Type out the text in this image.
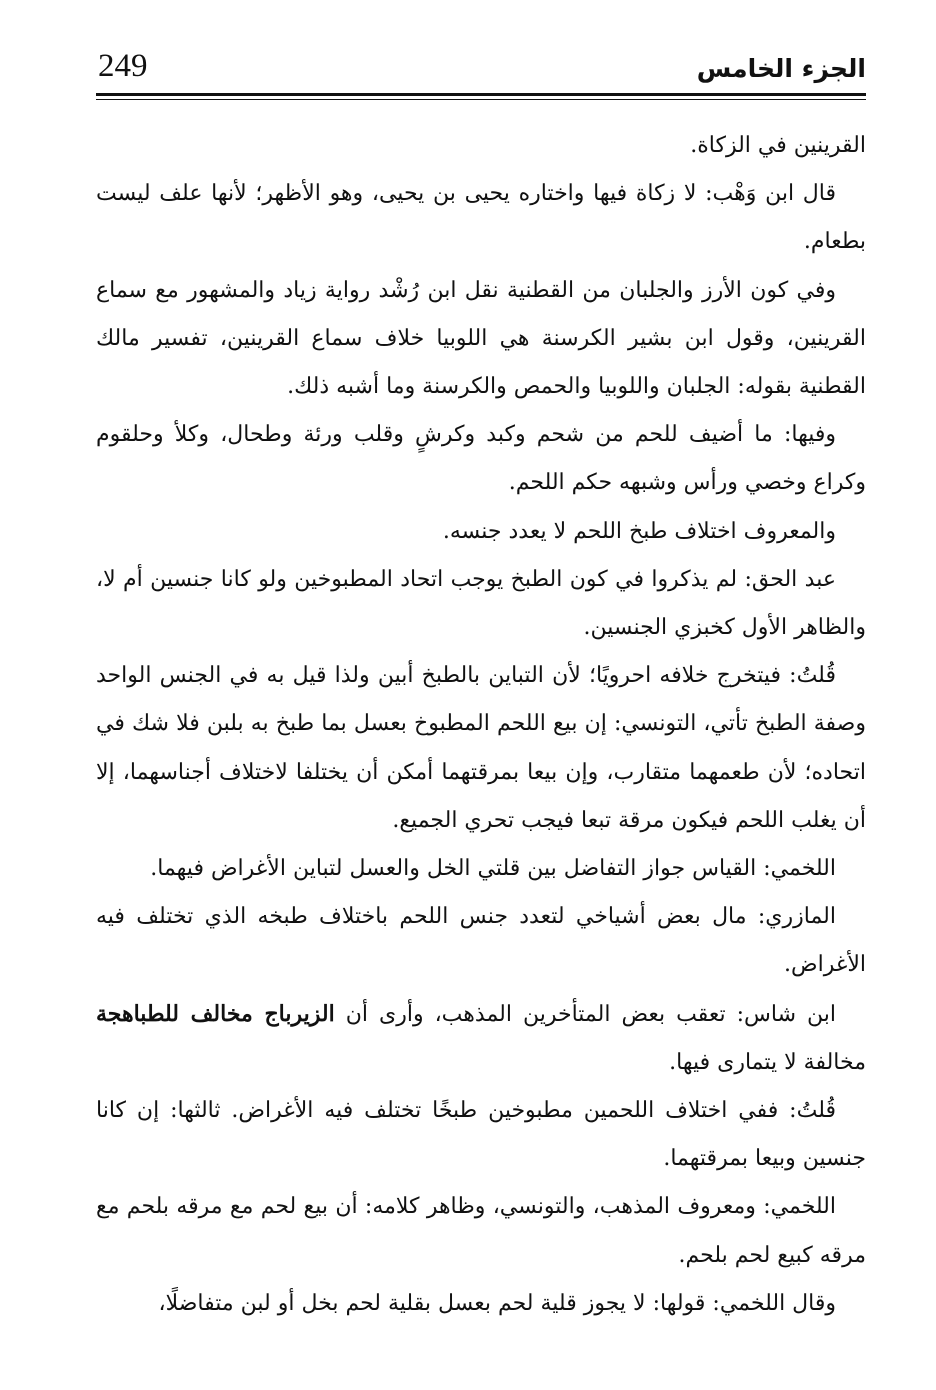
249	الجزء الخامس

القرينين في الزكاة.

قال ابن وَهْب: لا زكاة فيها واختاره يحيى بن يحيى، وهو الأظهر؛ لأنها علف ليست بطعام.

وفي كون الأرز والجلبان من القطنية نقل ابن رُشْد رواية زياد والمشهور مع سماع القرينين، وقول ابن بشير الكرسنة هي اللوبيا خلاف سماع القرينين، تفسير مالك القطنية بقوله: الجلبان واللوبيا والحمص والكرسنة وما أشبه ذلك.

وفيها: ما أضيف للحم من شحم وكبد وكرشٍ وقلب ورئة وطحال، وكلأ وحلقوم وكراع وخصي ورأس وشبهه حكم اللحم.

والمعروف اختلاف طبخ اللحم لا يعدد جنسه.

عبد الحق: لم يذكروا في كون الطبخ يوجب اتحاد المطبوخين ولو كانا جنسين أم لا، والظاهر الأول كخبزي الجنسين.

قُلتُ: فيتخرج خلافه احرويًا؛ لأن التباين بالطبخ أبين ولذا قيل به في الجنس الواحد وصفة الطبخ تأتي، التونسي: إن بيع اللحم المطبوخ بعسل بما طبخ به بلبن فلا شك في اتحاده؛ لأن طعمهما متقارب، وإن بيعا بمرقتهما أمكن أن يختلفا لاختلاف أجناسهما، إلا أن يغلب اللحم فيكون مرقة تبعا فيجب تحري الجميع.

اللخمي: القياس جواز التفاضل بين قلتي الخل والعسل لتباين الأغراض فيهما.

المازري: مال بعض أشياخي لتعدد جنس اللحم باختلاف طبخه الذي تختلف فيه الأغراض.

ابن شاس: تعقب بعض المتأخرين المذهب، وأرى أن الزيرباج مخالف للطباهجة مخالفة لا يتمارى فيها.

قُلتُ: ففي اختلاف اللحمين مطبوخين طبخًا تختلف فيه الأغراض. ثالثها: إن كانا جنسين وبيعا بمرقتهما.

اللخمي: ومعروف المذهب، والتونسي، وظاهر كلامه: أن بيع لحم مع مرقه بلحم مع مرقه كبيع لحم بلحم.

وقال اللخمي: قولها: لا يجوز قلية لحم بعسل بقلية لحم بخل أو لبن متفاضلًا،
